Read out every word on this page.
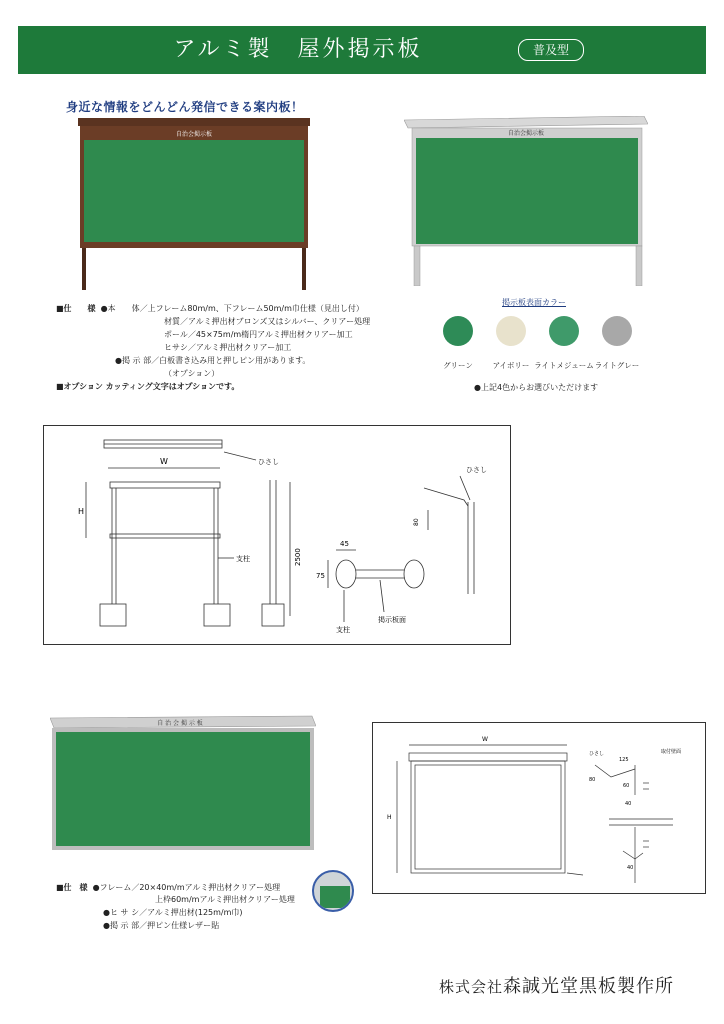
アルミ製　屋外掲示板	普及型
身近な情報をどんどん発信できる案内板！
自治会掲示板	自治会掲示板
■仕　　様 ●本　　体／上フレーム80m/m、下フレーム50m/m巾仕様（見出し付）
材質／アルミ押出材ブロンズ又はシルバー、クリアー処理
ポール／45×75m/m楕円アルミ押出材クリアー加工
ヒサシ／アルミ押出材クリアー加工
●掲 示 部／白板書き込み用と押しピン用があります。
（オプション）
■オプション カッティング文字はオプションです。
掲示板表面カラー
グリーン	アイボリー ライトメジューム ライトグレー
●上記4色からお選びいただけます
W
H
ひさし
支柱	2500
45
75
支柱
掲示板面
ひさし
80
自 治 会 掲 示 板
W
H
ひさし	取付壁面
125
80
60
40
40
■仕　様 ●フレーム／20×40m/mアルミ押出材クリアー処理
上枠60m/mアルミ押出材クリアー処理
●ヒ サ シ／アルミ押出材(125m/m巾)
●掲 示 部／押ピン仕様レザー貼
株式会社森誠光堂黒板製作所
